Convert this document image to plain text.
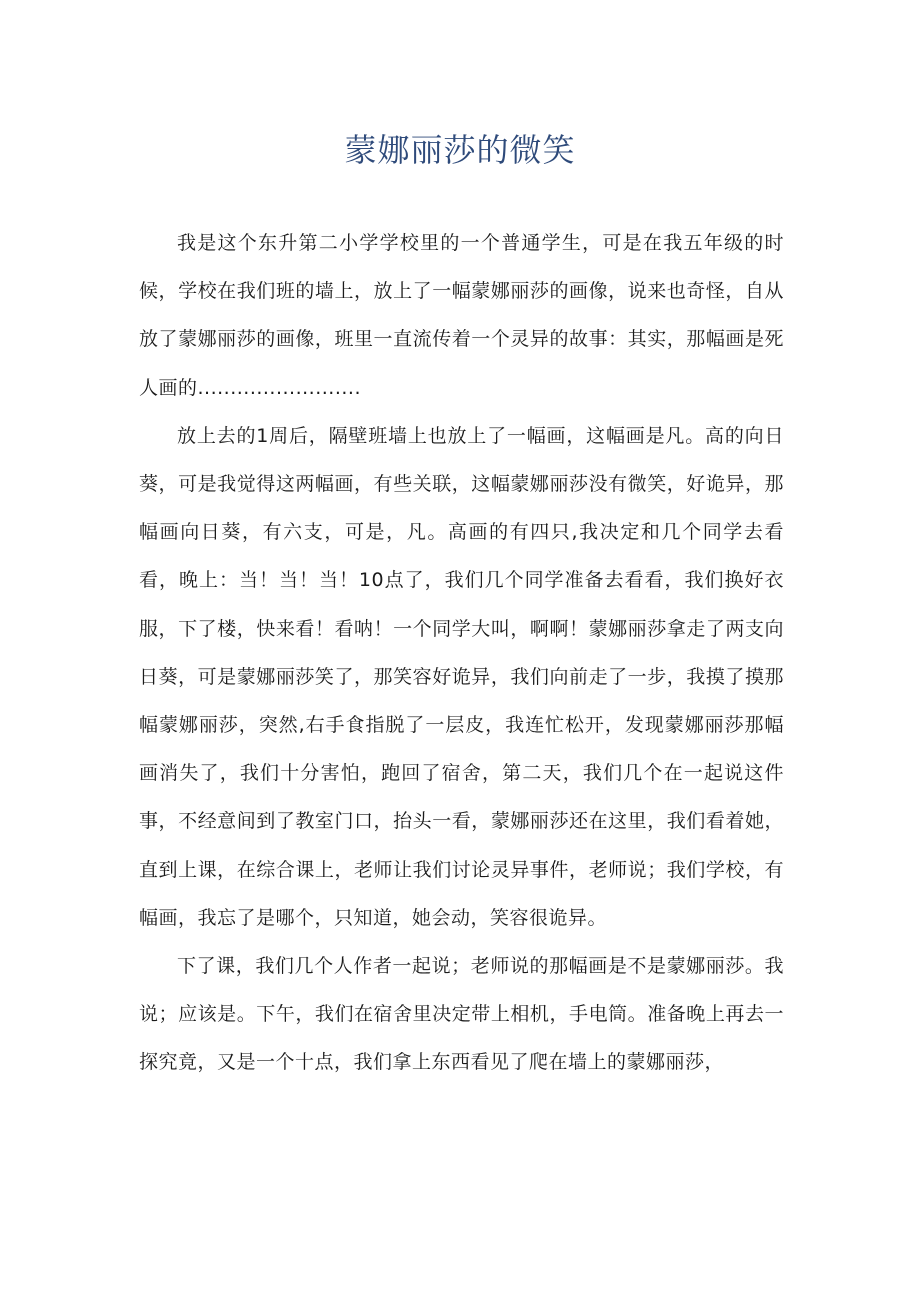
蒙娜丽莎的微笑

我是这个东升第二小学学校里的一个普通学生，可是在我五年级的时候，学校在我们班的墙上，放上了一幅蒙娜丽莎的画像，说来也奇怪，自从放了蒙娜丽莎的画像，班里一直流传着一个灵异的故事：其实，那幅画是死人画的.........................

放上去的1周后，隔壁班墙上也放上了一幅画，这幅画是凡。高的向日葵，可是我觉得这两幅画，有些关联，这幅蒙娜丽莎没有微笑，好诡异，那幅画向日葵，有六支，可是，凡。高画的有四只,我决定和几个同学去看看，晚上：当！当！当！10点了，我们几个同学准备去看看，我们换好衣服，下了楼，快来看！看呐！一个同学大叫，啊啊！蒙娜丽莎拿走了两支向日葵，可是蒙娜丽莎笑了，那笑容好诡异，我们向前走了一步，我摸了摸那幅蒙娜丽莎，突然,右手食指脱了一层皮，我连忙松开，发现蒙娜丽莎那幅画消失了，我们十分害怕，跑回了宿舍，第二天，我们几个在一起说这件事，不经意间到了教室门口，抬头一看，蒙娜丽莎还在这里，我们看着她，直到上课，在综合课上，老师让我们讨论灵异事件，老师说；我们学校，有幅画，我忘了是哪个，只知道，她会动，笑容很诡异。

下了课，我们几个人作者一起说；老师说的那幅画是不是蒙娜丽莎。我说；应该是。下午，我们在宿舍里决定带上相机，手电筒。准备晚上再去一探究竟，又是一个十点，我们拿上东西看见了爬在墙上的蒙娜丽莎，
